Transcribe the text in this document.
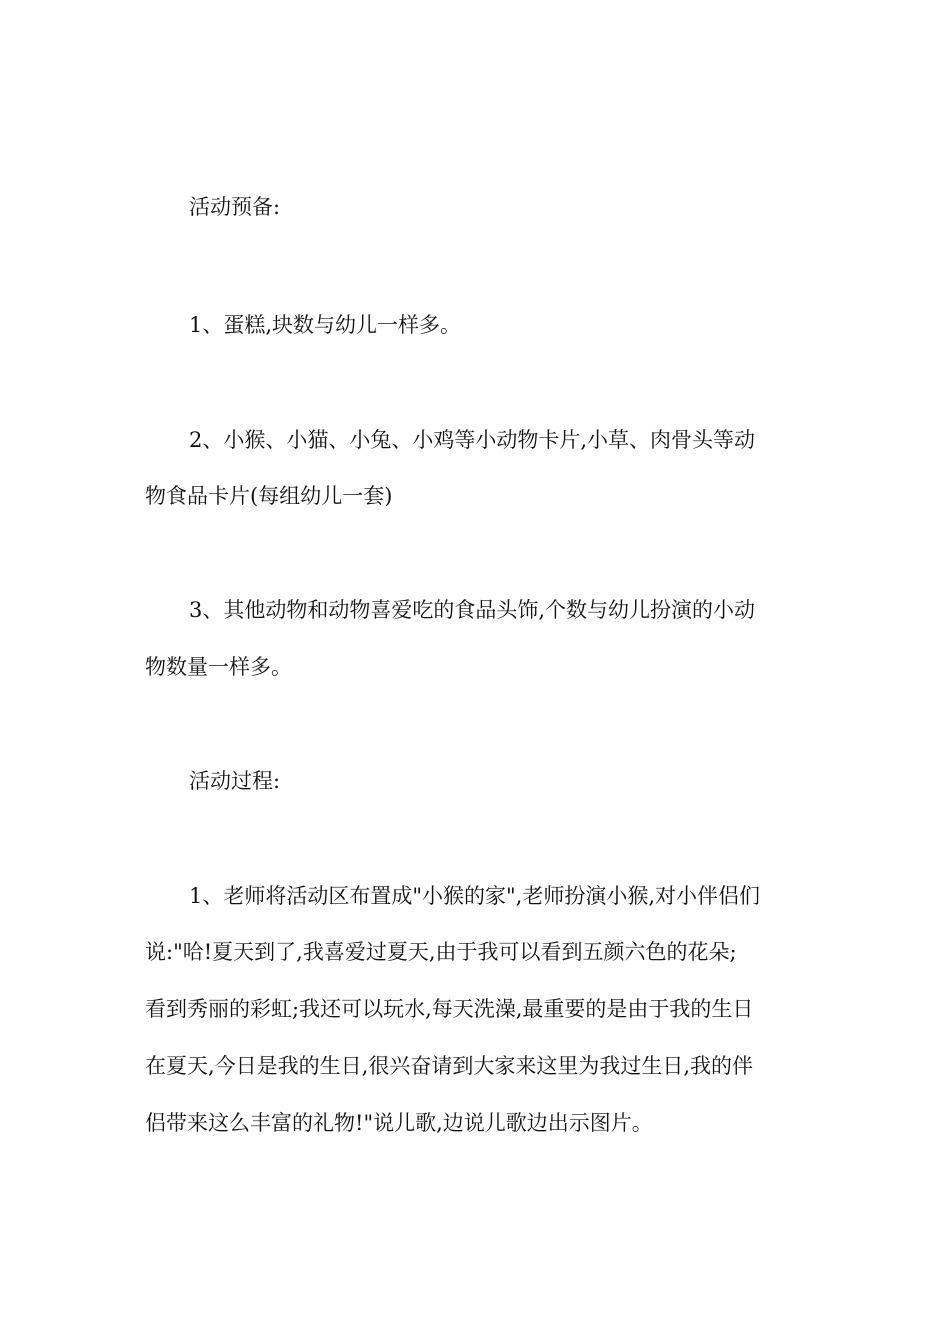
活动预备:
1、蛋糕,块数与幼儿一样多。
2、小猴、小猫、小兔、小鸡等小动物卡片,小草、肉骨头等动
物食品卡片(每组幼儿一套)
3、其他动物和动物喜爱吃的食品头饰,个数与幼儿扮演的小动
物数量一样多。
活动过程:
1、老师将活动区布置成"小猴的家",老师扮演小猴,对小伴侣们
说:"哈!夏天到了,我喜爱过夏天,由于我可以看到五颜六色的花朵;
看到秀丽的彩虹;我还可以玩水,每天洗澡,最重要的是由于我的生日
在夏天,今日是我的生日,很兴奋请到大家来这里为我过生日,我的伴
侣带来这么丰富的礼物!"说儿歌,边说儿歌边出示图片。
